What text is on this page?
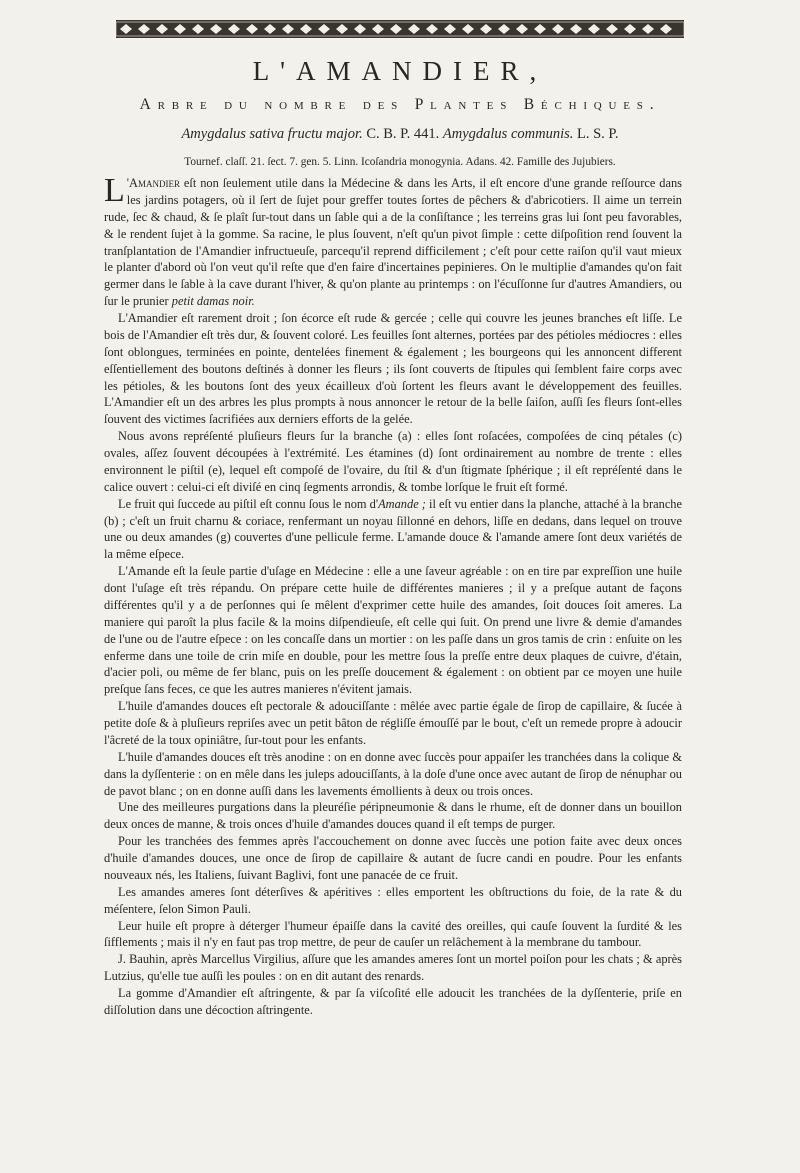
L'AMANDIER,
Arbre du nombre des Plantes Béchiques.
Amygdalus sativa fructu major. C. B. P. 441. Amygdalus communis. L. S. P.
Tournef. claſſ. 21. ſect. 7. gen. 5. Linn. Icoſandria monogynia. Adans. 42. Famille des Jujubiers.

L 'Amandier eſt non ſeulement utile dans la Médecine & dans les Arts, il eſt encore d'une grande reſſource dans les jardins potagers, où il ſert de ſujet pour greffer toutes ſortes de pêchers & d'abricotiers. Il aime un terrein rude, ſec & chaud, & ſe plaît ſur-tout dans un ſable qui a de la conſiſtance ; les terreins gras lui ſont peu favorables, & le rendent ſujet à la gomme. Sa racine, le plus ſouvent, n'eſt qu'un pivot ſimple : cette diſpoſition rend ſouvent la tranſplantation de l'Amandier infructueuſe, parcequ'il reprend difficilement ; c'eſt pour cette raiſon qu'il vaut mieux le planter d'abord où l'on veut qu'il reſte que d'en faire d'incertaines pepinieres. On le multiplie d'amandes qu'on fait germer dans le ſable à la cave durant l'hiver, & qu'on plante au printemps : on l'écuſſonne ſur d'autres Amandiers, ou ſur le prunier petit damas noir.

L'Amandier eſt rarement droit ; ſon écorce eſt rude & gercée ; celle qui couvre les jeunes branches eſt liſſe. Le bois de l'Amandier eſt très dur, & ſouvent coloré. Les feuilles ſont alternes, portées par des pétioles médiocres : elles ſont oblongues, terminées en pointe, dentelées finement & également ; les bourgeons qui les annoncent different eſſentiellement des boutons deſtinés à donner les fleurs ; ils ſont couverts de ſtipules qui ſemblent faire corps avec les pétioles, & les boutons ſont des yeux écailleux d'où ſortent les fleurs avant le développement des feuilles. L'Amandier eſt un des arbres les plus prompts à nous annoncer le retour de la belle ſaiſon, auſſi ſes fleurs ſont-elles ſouvent des victimes ſacrifiées aux derniers efforts de la gelée.

Nous avons repréſenté pluſieurs fleurs ſur la branche (a) : elles ſont roſacées, compoſées de cinq pétales (c) ovales, aſſez ſouvent découpées à l'extrémité. Les étamines (d) ſont ordinairement au nombre de trente : elles environnent le piſtil (e), lequel eſt compoſé de l'ovaire, du ſtil & d'un ſtigmate ſphérique ; il eſt repréſenté dans le calice ouvert : celui-ci eſt diviſé en cinq ſegments arrondis, & tombe lorſque le fruit eſt formé.

Le fruit qui ſuccede au piſtil eſt connu ſous le nom d'Amande ; il eſt vu entier dans la planche, attaché à la branche (b) ; c'eſt un fruit charnu & coriace, renfermant un noyau ſillonné en dehors, liſſe en dedans, dans lequel on trouve une ou deux amandes (g) couvertes d'une pellicule ferme. L'amande douce & l'amande amere ſont deux variétés de la même eſpece.

L'Amande eſt la ſeule partie d'uſage en Médecine : elle a une ſaveur agréable : on en tire par expreſſion une huile dont l'uſage eſt très répandu. On prépare cette huile de différentes manieres ; il y a preſque autant de façons différentes qu'il y a de perſonnes qui ſe mêlent d'exprimer cette huile des amandes, ſoit douces ſoit ameres. La maniere qui paroît la plus facile & la moins diſpendieuſe, eſt celle qui ſuit. On prend une livre & demie d'amandes de l'une ou de l'autre eſpece : on les concaſſe dans un mortier : on les paſſe dans un gros tamis de crin : enſuite on les enferme dans une toile de crin miſe en double, pour les mettre ſous la preſſe entre deux plaques de cuivre, d'étain, d'acier poli, ou même de fer blanc, puis on les preſſe doucement & également : on obtient par ce moyen une huile preſque ſans feces, ce que les autres manieres n'évitent jamais.

L'huile d'amandes douces eſt pectorale & adouciſſante : mêlée avec partie égale de ſirop de capillaire, & ſucée à petite doſe & à pluſieurs repriſes avec un petit bâton de régliſſe émouſſé par le bout, c'eſt un remede propre à adoucir l'âcreté de la toux opiniâtre, ſur-tout pour les enfants.

L'huile d'amandes douces eſt très anodine : on en donne avec ſuccès pour appaiſer les tranchées dans la colique & dans la dyſſenterie : on en mêle dans les juleps adouciſſants, à la doſe d'une once avec autant de ſirop de nénuphar ou de pavot blanc ; on en donne auſſi dans les lavements émollients à deux ou trois onces.

Une des meilleures purgations dans la pleuréſie péripneumonie & dans le rhume, eſt de donner dans un bouillon deux onces de manne, & trois onces d'huile d'amandes douces quand il eſt temps de purger.

Pour les tranchées des femmes après l'accouchement on donne avec ſuccès une potion faite avec deux onces d'huile d'amandes douces, une once de ſirop de capillaire & autant de ſucre candi en poudre. Pour les enfants nouveaux nés, les Italiens, ſuivant Baglivi, font une panacée de ce fruit.

Les amandes ameres ſont déterſives & apéritives : elles emportent les obſtructions du foie, de la rate & du méſentere, ſelon Simon Pauli.

Leur huile eſt propre à déterger l'humeur épaiſſe dans la cavité des oreilles, qui cauſe ſouvent la ſurdité & les ſifflements ; mais il n'y en faut pas trop mettre, de peur de cauſer un relâchement à la membrane du tambour.

J. Bauhin, après Marcellus Virgilius, aſſure que les amandes ameres ſont un mortel poiſon pour les chats ; & après Lutzius, qu'elle tue auſſi les poules : on en dit autant des renards.

La gomme d'Amandier eſt aſtringente, & par ſa viſcoſité elle adoucit les tranchées de la dyſſenterie, priſe en diſſolution dans une décoction aſtringente.
